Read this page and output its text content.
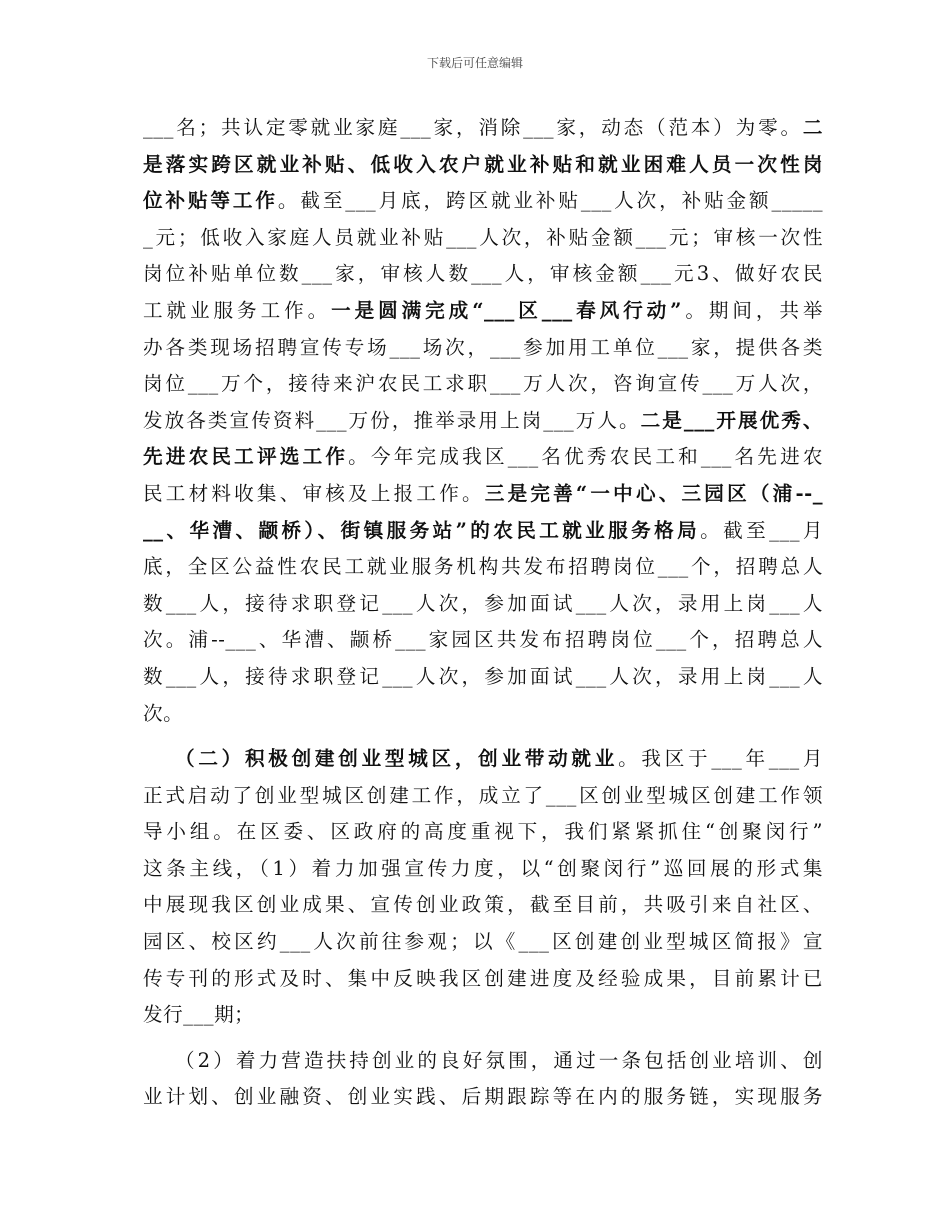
下载后可任意编辑
___名；共认定零就业家庭___家，消除___家，动态（范本）为零。二
是落实跨区就业补贴、低收入农户就业补贴和就业困难人员一次性岗
位补贴等工作。截至___月底，跨区就业补贴___人次，补贴金额_____
_元；低收入家庭人员就业补贴___人次，补贴金额___元；审核一次性
岗位补贴单位数___家，审核人数___人，审核金额___元3、做好农民
工就业服务工作。一是圆满完成“___区___春风行动”。期间，共举
办各类现场招聘宣传专场___场次，___参加用工单位___家，提供各类
岗位___万个，接待来沪农民工求职___万人次，咨询宣传___万人次，
发放各类宣传资料___万份，推举录用上岗___万人。二是___开展优秀、
先进农民工评选工作。今年完成我区___名优秀农民工和___名先进农
民工材料收集、审核及上报工作。三是完善“一中心、三园区（浦--_
__、华漕、颛桥）、街镇服务站”的农民工就业服务格局。截至___月
底，全区公益性农民工就业服务机构共发布招聘岗位___个，招聘总人
数___人，接待求职登记___人次，参加面试___人次，录用上岗___人
次。浦--___、华漕、颛桥___家园区共发布招聘岗位___个，招聘总人
数___人，接待求职登记___人次，参加面试___人次，录用上岗___人
次。
（二）积极创建创业型城区，创业带动就业。我区于___年___月
正式启动了创业型城区创建工作，成立了___区创业型城区创建工作领
导小组。在区委、区政府的高度重视下，我们紧紧抓住“创聚闵行”
这条主线，（1）着力加强宣传力度，以“创聚闵行”巡回展的形式集
中展现我区创业成果、宣传创业政策，截至目前，共吸引来自社区、
园区、校区约___人次前往参观；以《___区创建创业型城区简报》宣
传专刊的形式及时、集中反映我区创建进度及经验成果，目前累计已
发行___期；
（2）着力营造扶持创业的良好氛围，通过一条包括创业培训、创
业计划、创业融资、创业实践、后期跟踪等在内的服务链，实现服务
